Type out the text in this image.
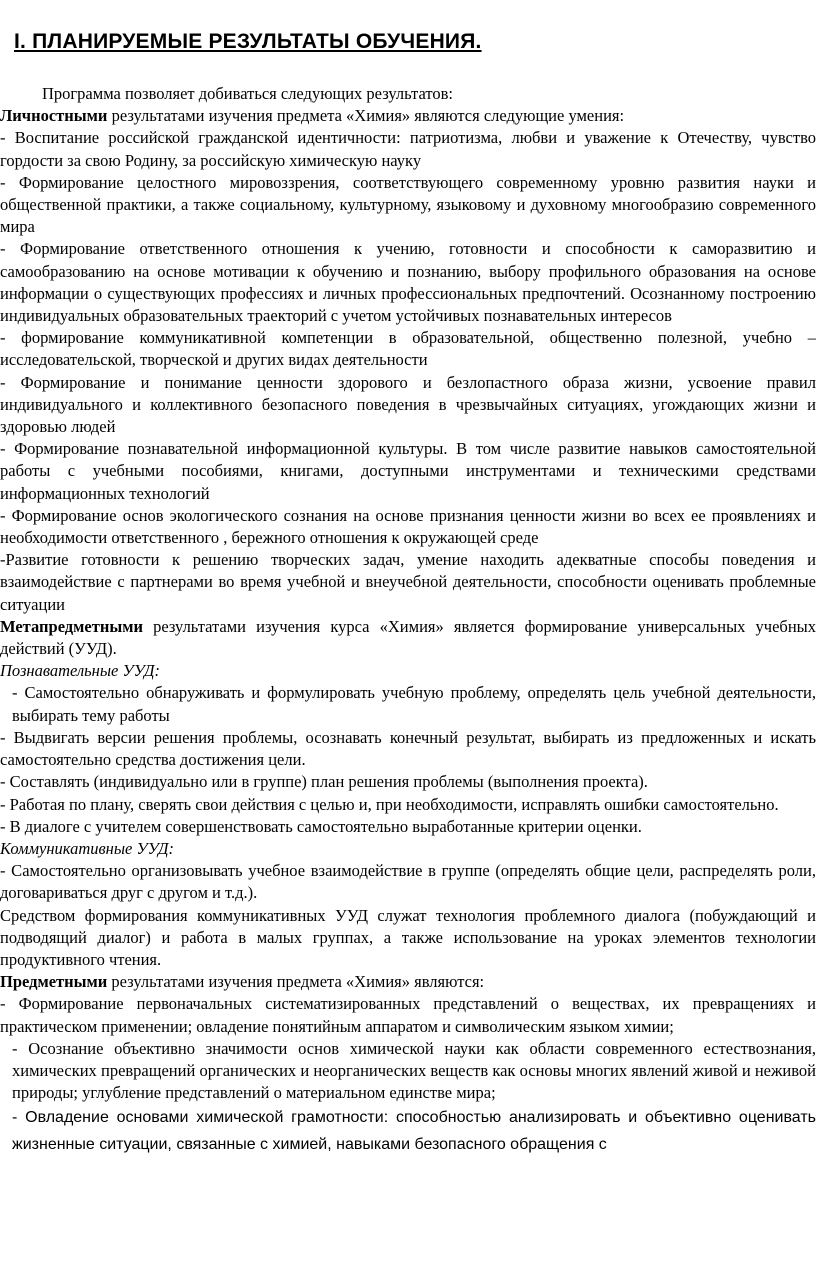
I. ПЛАНИРУЕМЫЕ РЕЗУЛЬТАТЫ ОБУЧЕНИЯ.

Программа позволяет добиваться следующих результатов:

Личностными результатами изучения предмета «Химия» являются следующие умения:

- Воспитание российской гражданской идентичности: патриотизма, любви и уважение к Отечеству, чувство гордости за свою Родину, за российскую химическую науку

- Формирование целостного мировоззрения, соответствующего современному уровню развития науки и общественной практики, а также социальному, культурному, языковому и духовному многообразию современного мира

- Формирование ответственного отношения к учению, готовности и способности к саморазвитию и самообразованию на основе мотивации к обучению и познанию, выбору профильного образования на основе информации о существующих профессиях и личных профессиональных предпочтений. Осознанному построению индивидуальных образовательных траекторий с учетом устойчивых познавательных интересов

- формирование коммуникативной компетенции в образовательной, общественно полезной, учебно – исследовательской, творческой и других видах деятельности

- Формирование и понимание ценности здорового и безлопастного образа жизни, усвоение правил индивидуального и коллективного безопасного поведения в чрезвычайных ситуациях, угождающих жизни и здоровью людей

- Формирование познавательной информационной культуры. В том числе развитие навыков самостоятельной работы с учебными пособиями, книгами, доступными инструментами и техническими средствами информационных технологий

- Формирование основ экологического сознания на основе признания ценности жизни во всех ее проявлениях и необходимости ответственного , бережного отношения к окружающей среде

-Развитие готовности к решению творческих задач, умение находить адекватные способы поведения и взаимодействие с партнерами во время учебной и внеучебной деятельности, способности оценивать проблемные ситуации

Метапредметными результатами изучения курса «Химия» является формирование универсальных учебных действий (УУД).

Познавательные УУД:

- Самостоятельно обнаруживать и формулировать учебную проблему, определять цель учебной деятельности, выбирать тему работы

- Выдвигать версии решения проблемы, осознавать конечный результат, выбирать из предложенных и искать самостоятельно средства достижения цели.

- Составлять (индивидуально или в группе) план решения проблемы (выполнения проекта).

- Работая по плану, сверять свои действия с целью и, при необходимости, исправлять ошибки самостоятельно.

- В диалоге с учителем совершенствовать самостоятельно выработанные критерии оценки.

Коммуникативные УУД:

- Самостоятельно организовывать учебное взаимодействие в группе (определять общие цели, распределять роли, договариваться друг с другом и т.д.).

Средством формирования коммуникативных УУД служат технология проблемного диалога (побуждающий и подводящий диалог) и работа в малых группах, а также использование на уроках элементов технологии продуктивного чтения.

Предметными результатами изучения предмета «Химия» являются:

- Формирование первоначальных систематизированных представлений о веществах, их превращениях и практическом применении; овладение понятийным аппаратом и символическим языком химии;

- Осознание объективно значимости основ химической науки как области современного естествознания, химических превращений органических и неорганических веществ как основы многих явлений живой и неживой природы; углубление представлений о материальном единстве мира;

- Овладение основами химической грамотности: способностью анализировать и объективно оценивать жизненные ситуации, связанные с химией, навыками безопасного обращения с
